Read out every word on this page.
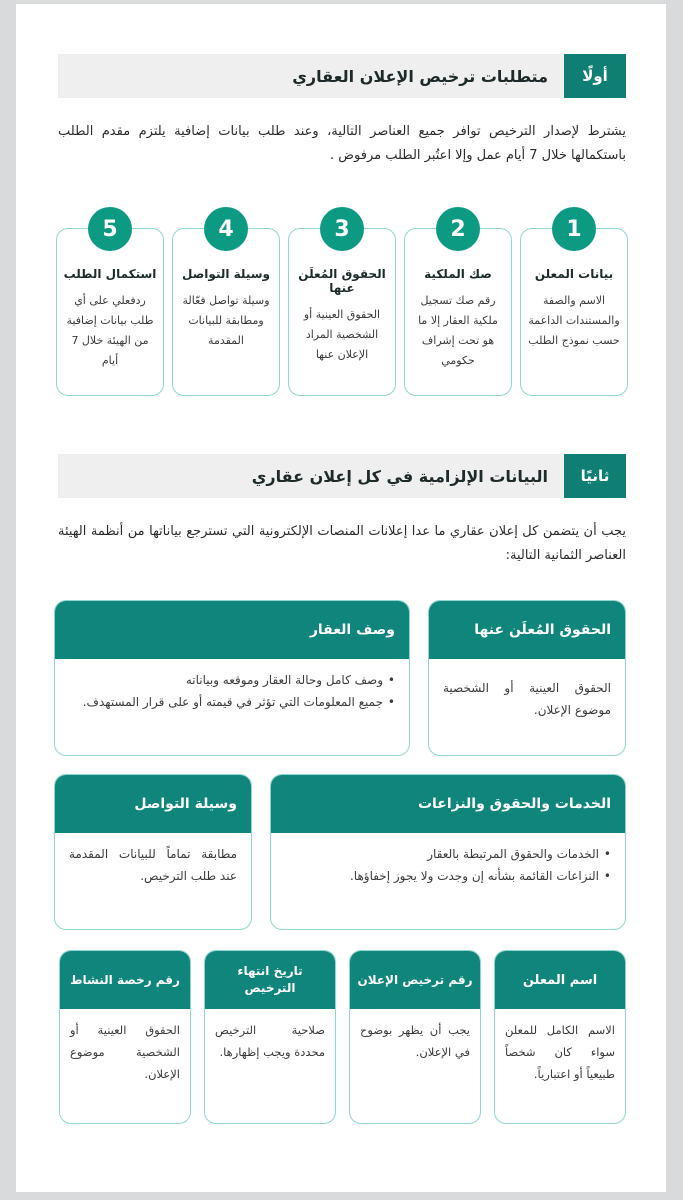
أولًا
متطلبات ترخيص الإعلان العقاري

يشترط لإصدار الترخيص توافر جميع العناصر التالية، وعند طلب بيانات إضافية يلتزم مقدم الطلب باستكمالها خلال 7 أيام عمل وإلا اعتُبر الطلب مرفوض .

1
بيانات المعلن
الاسم والصفة والمستندات الداعمة حسب نموذج الطلب
2
صك الملكية
رقم صك تسجيل ملكية العقار إلا ما هو تحت إشراف حكومي
3
الحقوق المُعلَن عنها
الحقوق العينية أو الشخصية المراد الإعلان عنها
4
وسيلة التواصل
وسيلة تواصل فعّالة ومطابقة للبيانات المقدمة
5
استكمال الطلب
ردفعلي على أي طلب بيانات إضافية من الهيئة خلال 7 أيام
ثانيًا
البيانات الإلزامية في كل إعلان عقاري

يجب أن يتضمن كل إعلان عقاري ما عدا إعلانات المنصات الإلكترونية التي تسترجع بياناتها من أنظمة الهيئة العناصر الثمانية التالية:

الحقوق المُعلَن عنها
الحقوق العينية أو الشخصية موضوع الإعلان.
وصف العقار
• وصف كامل وحالة العقار وموقعه وبياناته
• جميع المعلومات التي تؤثر في قيمته أو على قرار المستهدف.
الخدمات والحقوق والنزاعات
• الخدمات والحقوق المرتبطة بالعقار
• النزاعات القائمة بشأنه إن وجدت ولا يجوز إخفاؤها.
وسيلة التواصل
مطابقة تماماً للبيانات المقدمة عند طلب الترخيص.
اسم المعلن
الاسم الكامل للمعلن سواء كان شخصاً طبيعياً أو اعتبارياً.
رقم ترخيص الإعلان
يجب أن يظهر بوضوح في الإعلان.
تاريخ انتهاء الترخيص
صلاحية الترخيص محددة ويجب إظهارها.
رقم رخصة النشاط
الحقوق العينية أو الشخصية موضوع الإعلان.
